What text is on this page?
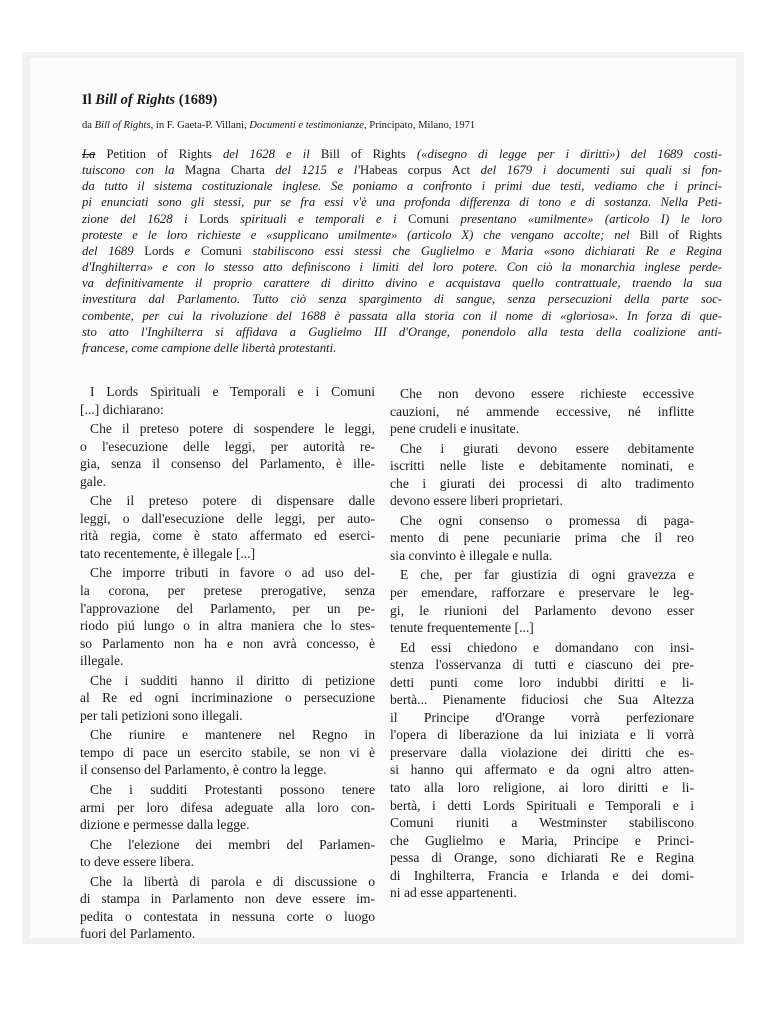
Il Bill of Rights (1689)
da Bill of Rights, in F. Gaeta-P. Villani, Documenti e testimonianze, Principato, Milano, 1971
La Petition of Rights del 1628 e il Bill of Rights («disegno di legge per i diritti») del 1689 costi-
tuiscono con la Magna Charta del 1215 e l'Habeas corpus Act del 1679 i documenti sui quali si fon-
da tutto il sistema costituzionale inglese. Se poniamo a confronto i primi due testi, vediamo che i princi-
pi enunciati sono gli stessi, pur se fra essi v'è una profonda differenza di tono e di sostanza. Nella Peti-
zione del 1628 i Lords spirituali e temporali e i Comuni presentano «umilmente» (articolo I) le loro
proteste e le loro richieste e «supplicano umilmente» (articolo X) che vengano accolte; nel Bill of Rights
del 1689 Lords e Comuni stabiliscono essi stessi che Guglielmo e Maria «sono dichiarati Re e Regina
d'Inghilterra» e con lo stesso atto definiscono i limiti del loro potere. Con ciò la monarchia inglese perde-
va definitivamente il proprio carattere di diritto divino e acquistava quello contrattuale, traendo la sua
investitura dal Parlamento. Tutto ciò senza spargimento di sangue, senza persecuzioni della parte soc-
combente, per cui la rivoluzione del 1688 è passata alla storia con il nome di «gloriosa». In forza di que-
sto atto l'Inghilterra si affidava a Guglielmo III d'Orange, ponendolo alla testa della coalizione anti-
francese, come campione delle libertà protestanti.

I Lords Spirituali e Temporali e i Comuni
[...] dichiarano:

Che il preteso potere di sospendere le leggi,
o l'esecuzione delle leggi, per autorità re-
gia, senza il consenso del Parlamento, è ille-
gale.

Che il preteso potere di dispensare dalle
leggi, o dall'esecuzione delle leggi, per auto-
rità regia, come è stato affermato ed eserci-
tato recentemente, è illegale [...]

Che imporre tributi in favore o ad uso del-
la corona, per pretese prerogative, senza
l'approvazione del Parlamento, per un pe-
riodo piú lungo o in altra maniera che lo stes-
so Parlamento non ha e non avrà concesso, è
illegale.

Che i sudditi hanno il diritto di petizione
al Re ed ogni incriminazione o persecuzione
per tali petizioni sono illegali.

Che riunire e mantenere nel Regno in
tempo di pace un esercito stabile, se non vi è
il consenso del Parlamento, è contro la legge.

Che i sudditi Protestanti possono tenere
armi per loro difesa adeguate alla loro con-
dizione e permesse dalla legge.

Che l'elezione dei membri del Parlamen-
to deve essere libera.

Che la libertà di parola e di discussione o
di stampa in Parlamento non deve essere im-
pedita o contestata in nessuna corte o luogo
fuori del Parlamento.

Che non devono essere richieste eccessive
cauzioni, né ammende eccessive, né inflitte
pene crudeli e inusitate.

Che i giurati devono essere debitamente
iscritti nelle liste e debitamente nominati, e
che i giurati dei processi di alto tradimento
devono essere liberi proprietari.

Che ogni consenso o promessa di paga-
mento di pene pecuniarie prima che il reo
sia convinto è illegale e nulla.

E che, per far giustizia di ogni gravezza e
per emendare, rafforzare e preservare le leg-
gi, le riunioni del Parlamento devono esser
tenute frequentemente [...]

Ed essi chiedono e domandano con insi-
stenza l'osservanza di tutti e ciascuno dei pre-
detti punti come loro indubbi diritti e li-
bertà... Pienamente fiduciosi che Sua Altezza
il Principe d'Orange vorrà perfezionare
l'opera di liberazione da lui iniziata e li vorrà
preservare dalla violazione dei diritti che es-
si hanno qui affermato e da ogni altro atten-
tato alla loro religione, ai loro diritti e li-
bertà, i detti Lords Spirituali e Temporali e i
Comuni riuniti a Westminster stabiliscono
che Guglielmo e Maria, Principe e Princi-
pessa di Orange, sono dichiarati Re e Regina
di Inghilterra, Francia e Irlanda e dei domi-
ni ad esse appartenenti.
